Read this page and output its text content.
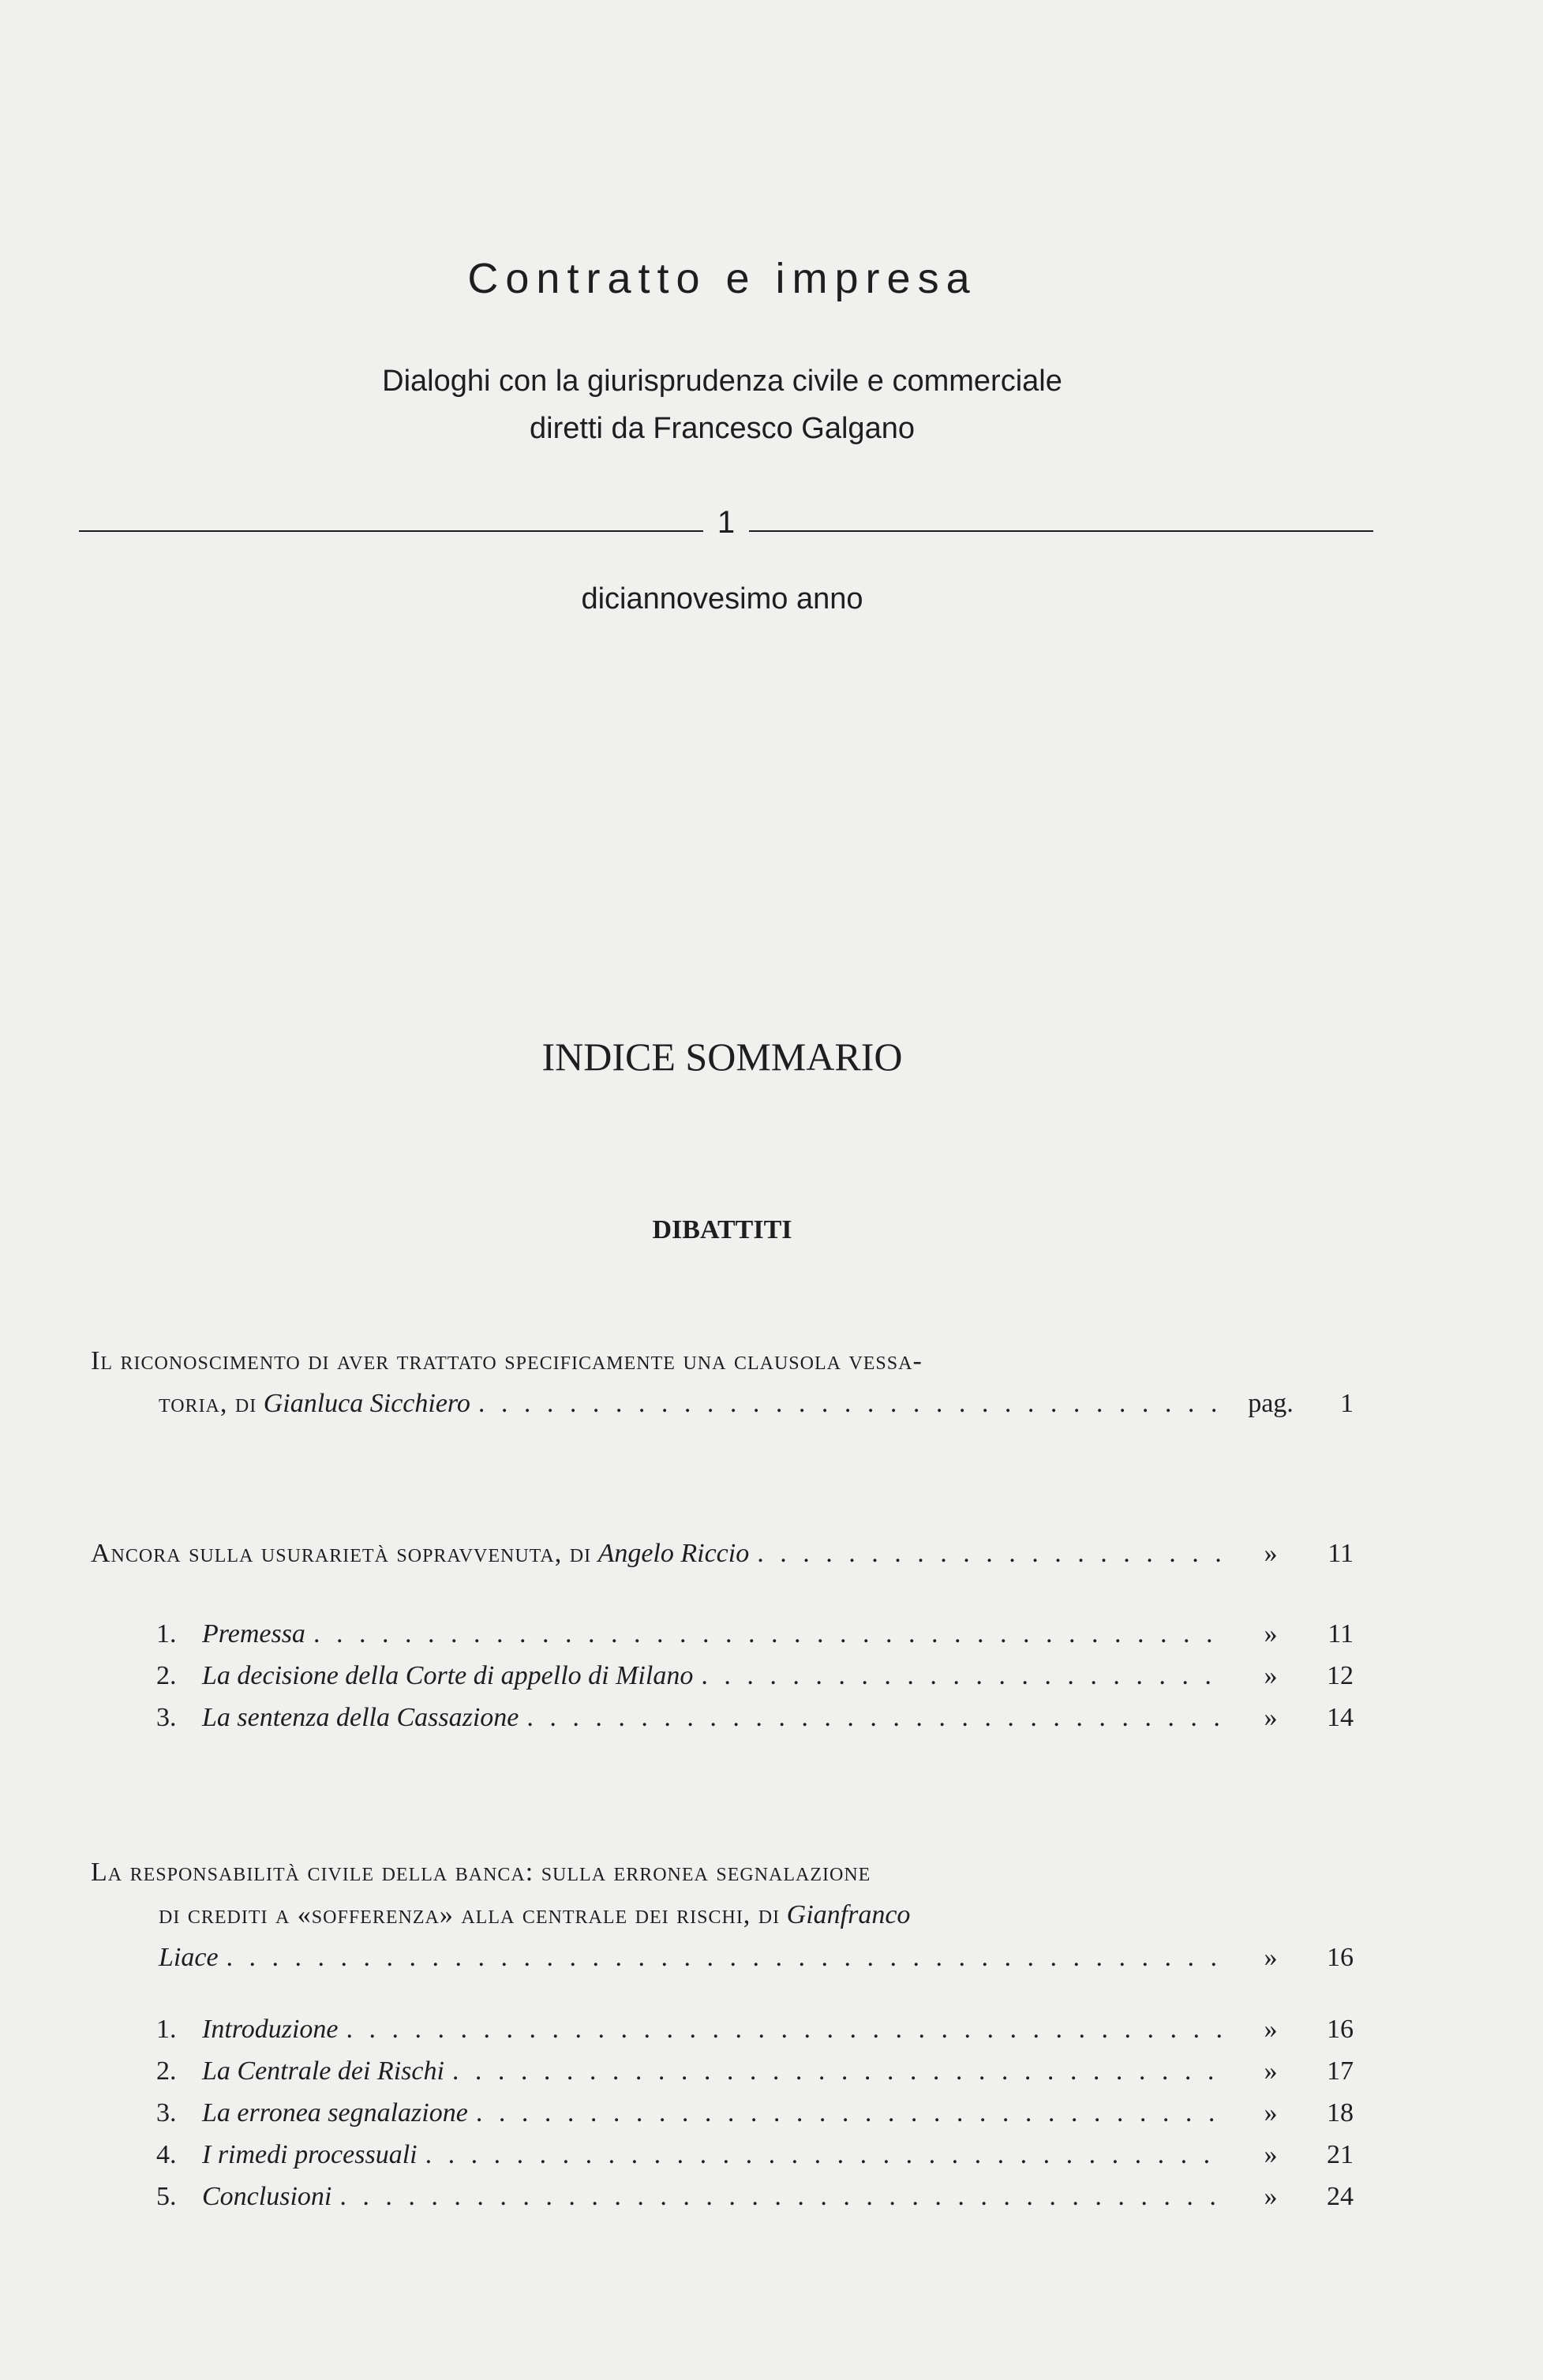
Contratto e impresa
Dialoghi con la giurisprudenza civile e commerciale
diretti da Francesco Galgano
1
diciannovesimo anno
INDICE SOMMARIO
DIBATTITI
Il riconoscimento di aver trattato specificamente una clausola vessa-
toria, di
Gianluca Sicchiero . . .	pag.	1
Ancora sulla usurarietà sopravvenuta, di
Angelo Riccio . . .	»	11
1. Premessa . . .	»	11
2. La decisione della Corte di appello di Milano . . .	»	12
3. La sentenza della Cassazione . . .	»	14
La responsabilità civile della banca: sulla erronea segnalazione
di crediti a «sofferenza» alla centrale dei rischi, di
Gianfranco
Liace . . .	»	16
1. Introduzione . . .	»	16
2. La Centrale dei Rischi . . .	»	17
3. La erronea segnalazione . . .	»	18
4. I rimedi processuali . . .	»	21
5. Conclusioni . . .	»	24
